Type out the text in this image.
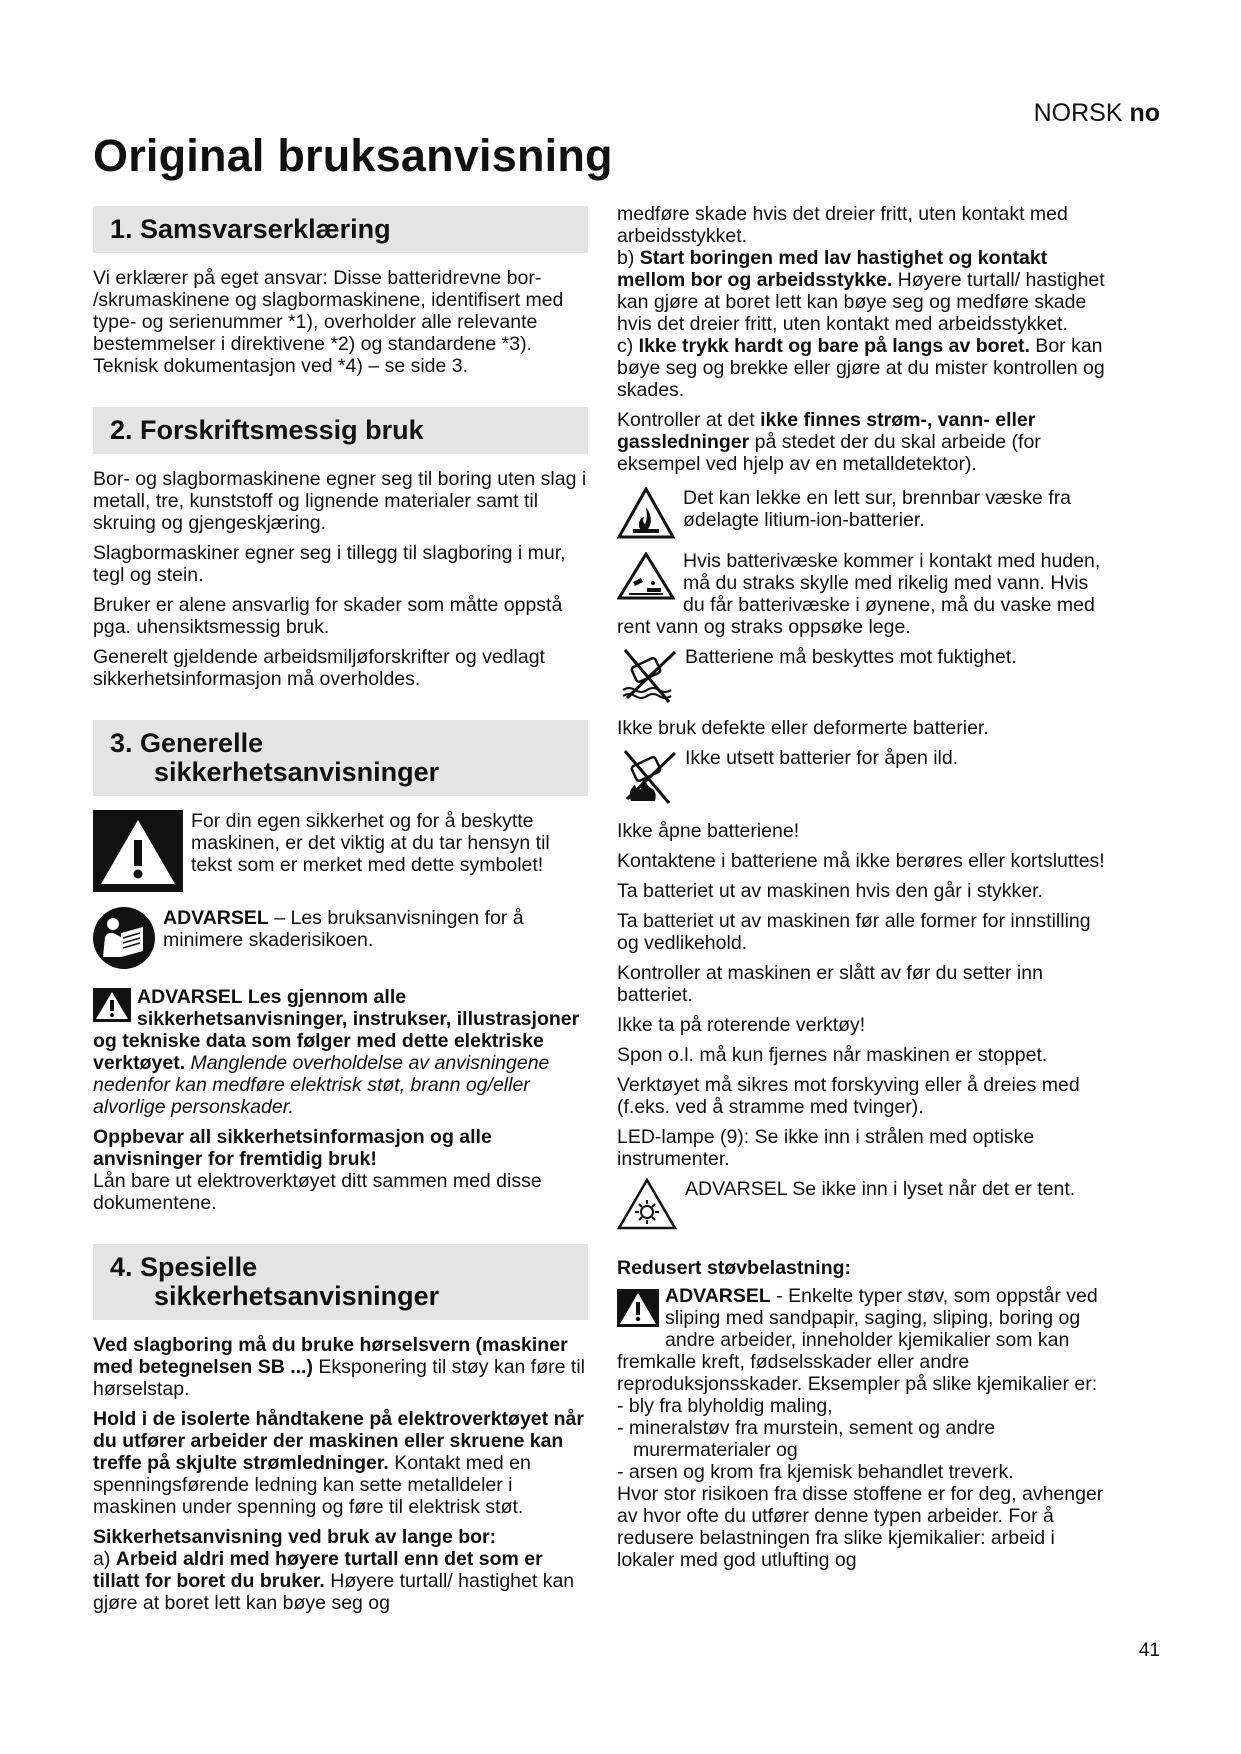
NORSK no
Original bruksanvisning
1. Samsvarserklæring

Vi erklærer på eget ansvar: Disse batteridrevne bor- /skrumaskinene og slagbormaskinene, identifisert med type- og serienummer *1), overholder alle relevante bestemmelser i direktivene *2) og standardene *3). Teknisk dokumentasjon ved *4) – se side 3.

2. Forskriftsmessig bruk

Bor- og slagbormaskinene egner seg til boring uten slag i metall, tre, kunststoff og lignende materialer samt til skruing og gjengeskjæring.

Slagbormaskiner egner seg i tillegg til slagboring i mur, tegl og stein.

Bruker er alene ansvarlig for skader som måtte oppstå pga. uhensiktsmessig bruk.

Generelt gjeldende arbeidsmiljøforskrifter og vedlagt sikkerhetsinformasjon må overholdes.

3. Generelle
sikkerhetsanvisninger
For din egen sikkerhet og for å beskytte maskinen, er det viktig at du tar hensyn til tekst som er merket med dette symbolet!
ADVARSEL – Les bruksanvisningen for å minimere skaderisikoen.

ADVARSEL Les gjennom alle sikkerhetsanvisninger, instrukser, illustrasjoner og tekniske data som følger med dette elektriske verktøyet. Manglende overholdelse av anvisningene nedenfor kan medføre elektrisk støt, brann og/eller alvorlige personskader.

Oppbevar all sikkerhetsinformasjon og alle anvisninger for fremtidig bruk!
Lån bare ut elektroverktøyet ditt sammen med disse dokumentene.

4. Spesielle
sikkerhetsanvisninger

Ved slagboring må du bruke hørselsvern (maskiner med betegnelsen SB ...) Eksponering til støy kan føre til hørselstap.

Hold i de isolerte håndtakene på elektroverktøyet når du utfører arbeider der maskinen eller skruene kan treffe på skjulte strømledninger. Kontakt med en spenningsførende ledning kan sette metalldeler i maskinen under spenning og føre til elektrisk støt.

Sikkerhetsanvisning ved bruk av lange bor:
a) Arbeid aldri med høyere turtall enn det som er tillatt for boret du bruker. Høyere turtall/ hastighet kan gjøre at boret lett kan bøye seg og

medføre skade hvis det dreier fritt, uten kontakt med arbeidsstykket.

b) Start boringen med lav hastighet og kontakt mellom bor og arbeidsstykke. Høyere turtall/ hastighet kan gjøre at boret lett kan bøye seg og medføre skade hvis det dreier fritt, uten kontakt med arbeidsstykket.

c) Ikke trykk hardt og bare på langs av boret. Bor kan bøye seg og brekke eller gjøre at du mister kontrollen og skades.

Kontroller at det ikke finnes strøm-, vann- eller gassledninger på stedet der du skal arbeide (for eksempel ved hjelp av en metalldetektor).

Det kan lekke en lett sur, brennbar væske fra ødelagte litium-ion-batterier.
Hvis batterivæske kommer i kontakt med huden, må du straks skylle med rikelig med vann. Hvis du får batterivæske i øynene, må du vaske med rent vann og straks oppsøke lege.
Batteriene må beskyttes mot fuktighet.

Ikke bruk defekte eller deformerte batterier.

Ikke utsett batterier for åpen ild.

Ikke åpne batteriene!

Kontaktene i batteriene må ikke berøres eller kortsluttes!

Ta batteriet ut av maskinen hvis den går i stykker.

Ta batteriet ut av maskinen før alle former for innstilling og vedlikehold.

Kontroller at maskinen er slått av før du setter inn batteriet.

Ikke ta på roterende verktøy!

Spon o.l. må kun fjernes når maskinen er stoppet.

Verktøyet må sikres mot forskyving eller å dreies med (f.eks. ved å stramme med tvinger).

LED-lampe (9): Se ikke inn i strålen med optiske instrumenter.

ADVARSEL Se ikke inn i lyset når det er tent.

Redusert støvbelastning:

ADVARSEL - Enkelte typer støv, som oppstår ved sliping med sandpapir, saging, sliping, boring og andre arbeider, inneholder kjemikalier som kan fremkalle kreft, fødselsskader eller andre reproduksjonsskader. Eksempler på slike kjemikalier er:
- bly fra blyholdig maling,
- mineralstøv fra murstein, sement og andre
murermaterialer og
- arsen og krom fra kjemisk behandlet treverk.
Hvor stor risikoen fra disse stoffene er for deg, avhenger av hvor ofte du utfører denne typen arbeider. For å redusere belastningen fra slike kjemikalier: arbeid i lokaler med god utlufting og
41
